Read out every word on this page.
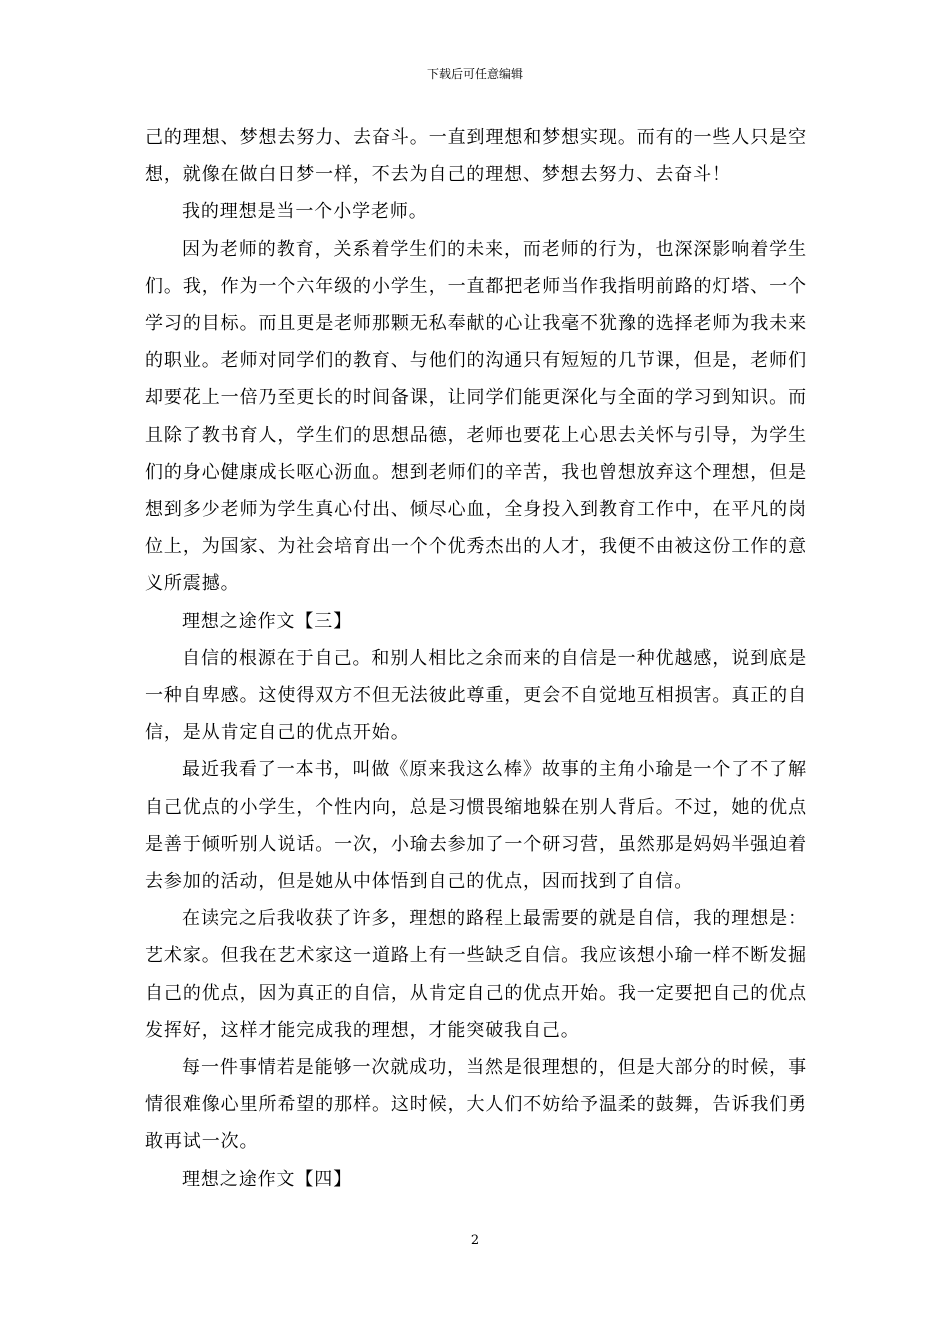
下载后可任意编辑

己的理想、梦想去努力、去奋斗。一直到理想和梦想实现。而有的一些人只是空想，就像在做白日梦一样，不去为自己的理想、梦想去努力、去奋斗！

我的理想是当一个小学老师。

因为老师的教育，关系着学生们的未来，而老师的行为，也深深影响着学生们。我，作为一个六年级的小学生，一直都把老师当作我指明前路的灯塔、一个学习的目标。而且更是老师那颗无私奉献的心让我毫不犹豫的选择老师为我未来的职业。老师对同学们的教育、与他们的沟通只有短短的几节课，但是，老师们却要花上一倍乃至更长的时间备课，让同学们能更深化与全面的学习到知识。而且除了教书育人，学生们的思想品德，老师也要花上心思去关怀与引导，为学生们的身心健康成长呕心沥血。想到老师们的辛苦，我也曾想放弃这个理想，但是想到多少老师为学生真心付出、倾尽心血，全身投入到教育工作中，在平凡的岗位上，为国家、为社会培育出一个个优秀杰出的人才，我便不由被这份工作的意义所震撼。

理想之途作文【三】

自信的根源在于自己。和别人相比之余而来的自信是一种优越感，说到底是一种自卑感。这使得双方不但无法彼此尊重，更会不自觉地互相损害。真正的自信，是从肯定自己的优点开始。

最近我看了一本书，叫做《原来我这么棒》故事的主角小瑜是一个了不了解自己优点的小学生，个性内向，总是习惯畏缩地躲在别人背后。不过，她的优点是善于倾听别人说话。一次，小瑜去参加了一个研习营，虽然那是妈妈半强迫着去参加的活动，但是她从中体悟到自己的优点，因而找到了自信。

在读完之后我收获了许多，理想的路程上最需要的就是自信，我的理想是：艺术家。但我在艺术家这一道路上有一些缺乏自信。我应该想小瑜一样不断发掘自己的优点，因为真正的自信，从肯定自己的优点开始。我一定要把自己的优点发挥好，这样才能完成我的理想，才能突破我自己。

每一件事情若是能够一次就成功，当然是很理想的，但是大部分的时候，事情很难像心里所希望的那样。这时候，大人们不妨给予温柔的鼓舞，告诉我们勇敢再试一次。

理想之途作文【四】

2
